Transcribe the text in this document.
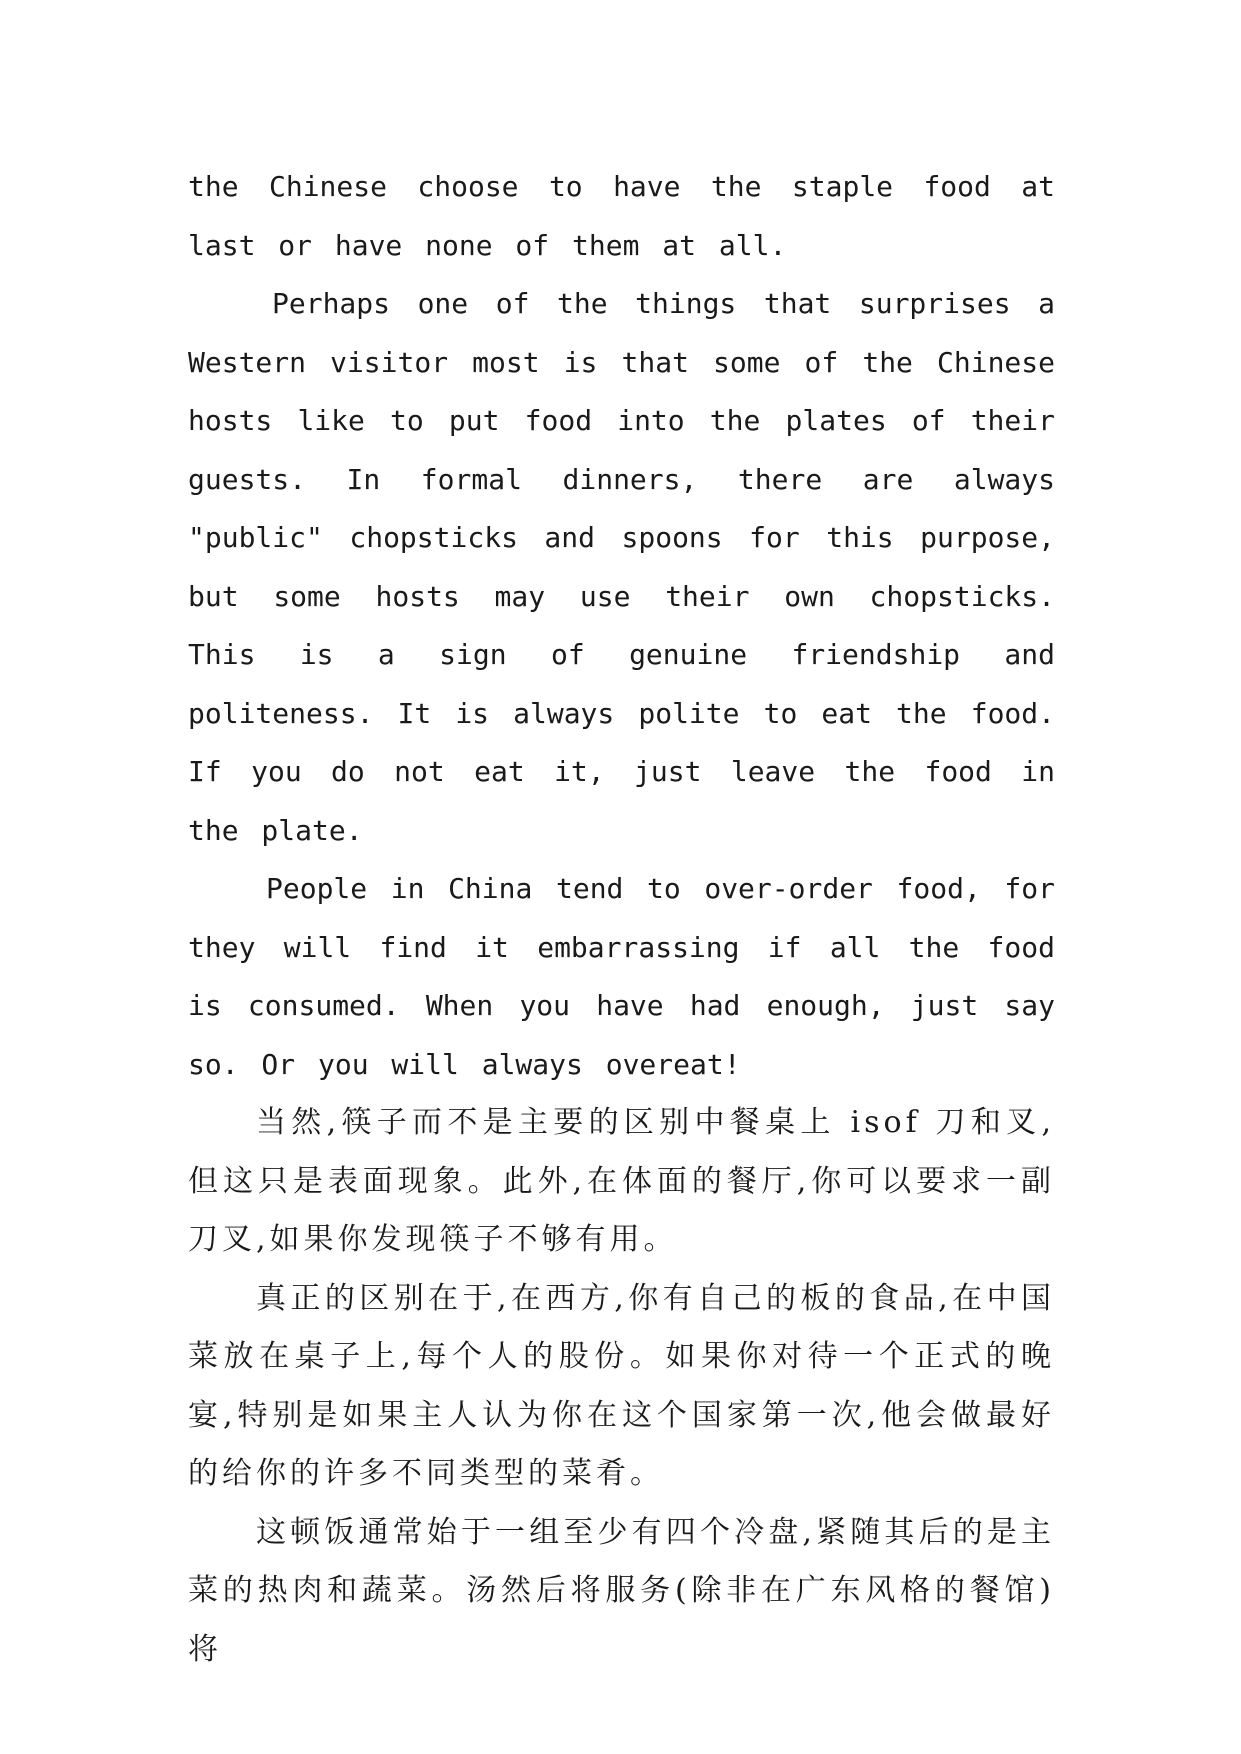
the Chinese choose to have the staple food at last or have none of them at all.

Perhaps one of the things that surprises a Western visitor most is that some of the Chinese hosts like to put food into the plates of their guests. In formal dinners, there are always "public" chopsticks and spoons for this purpose, but some hosts may use their own chopsticks. This is a sign of genuine friendship and politeness. It is always polite to eat the food. If you do not eat it, just leave the food in the plate.

People in China tend to over-order food, for they will find it embarrassing if all the food is consumed. When you have had enough, just say so. Or you will always overeat!

当然,筷子而不是主要的区别中餐桌上 isof 刀和叉,但这只是表面现象。此外,在体面的餐厅,你可以要求一副刀叉,如果你发现筷子不够有用。

真正的区别在于,在西方,你有自己的板的食品,在中国菜放在桌子上,每个人的股份。如果你对待一个正式的晚宴,特别是如果主人认为你在这个国家第一次,他会做最好的给你的许多不同类型的菜肴。

这顿饭通常始于一组至少有四个冷盘,紧随其后的是主菜的热肉和蔬菜。汤然后将服务(除非在广东风格的餐馆)将
